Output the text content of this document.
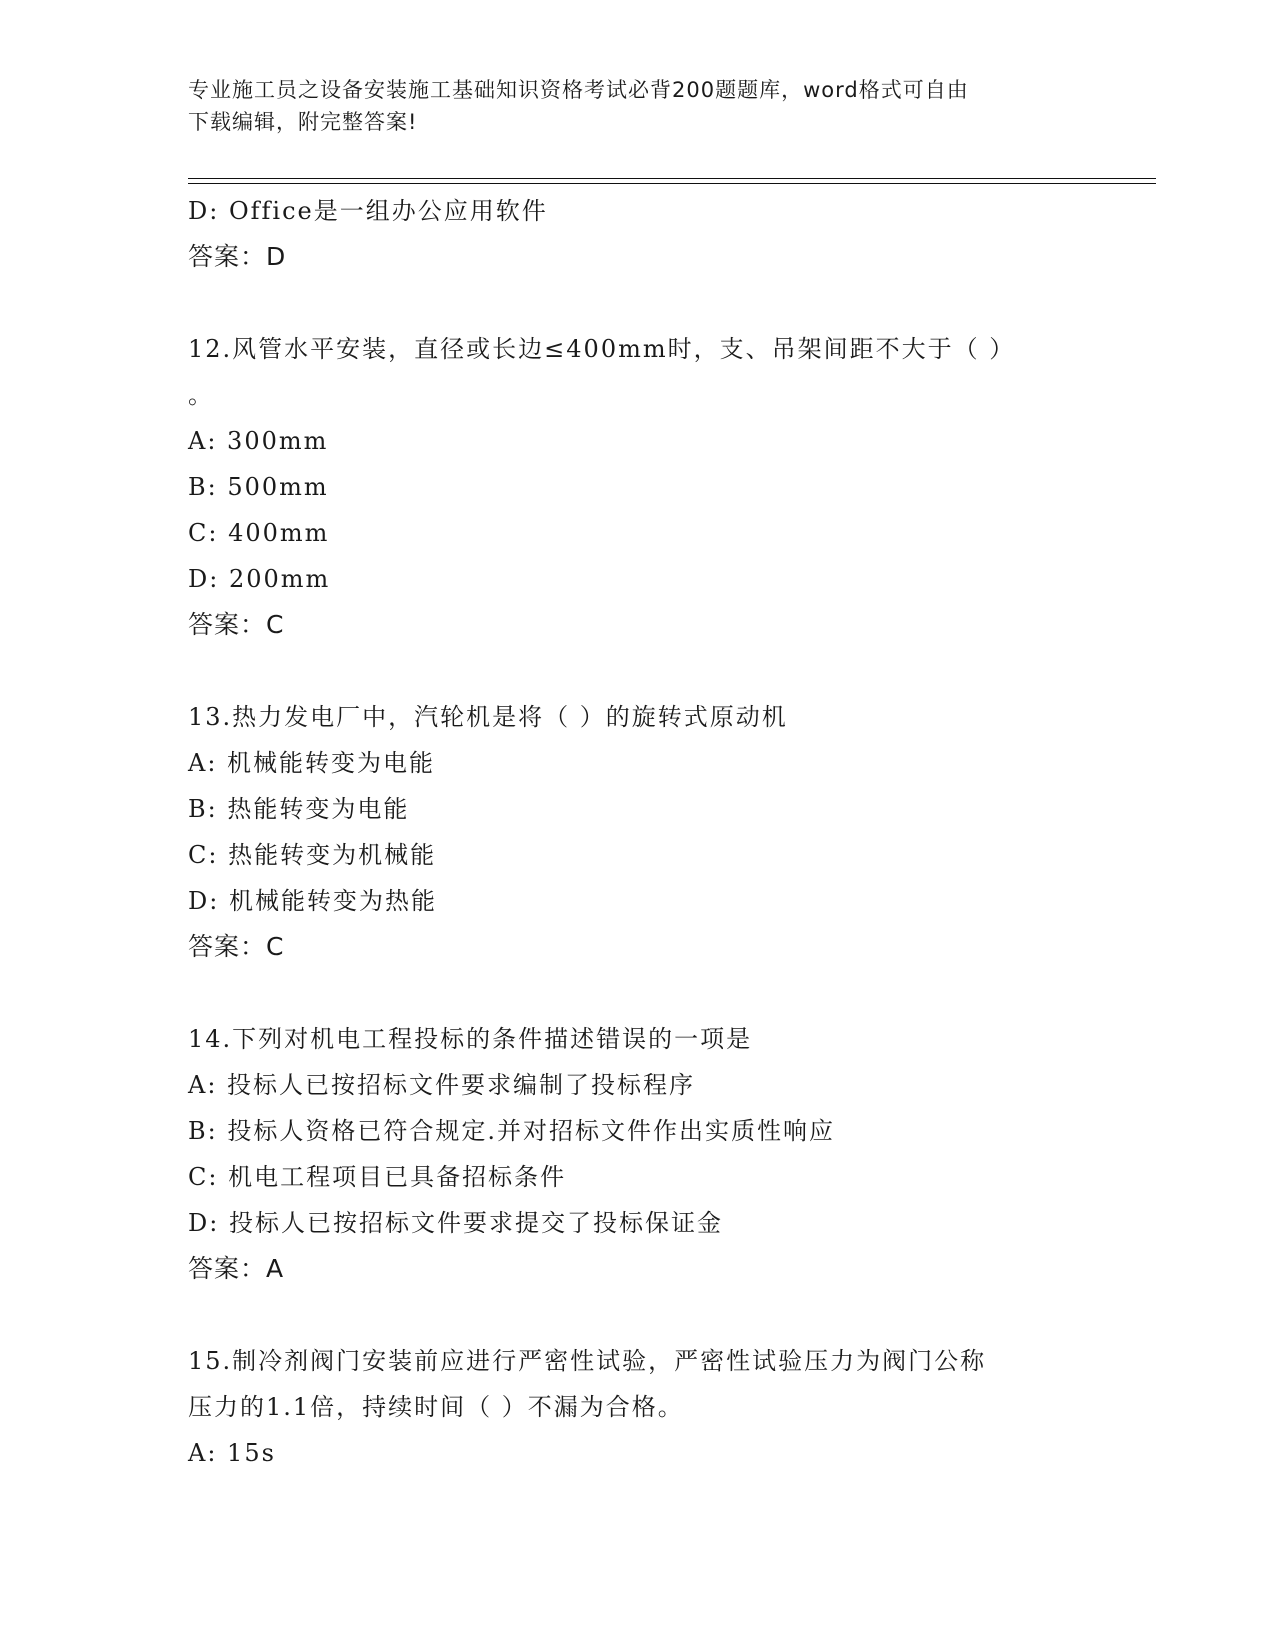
专业施工员之设备安装施工基础知识资格考试必背200题题库，word格式可自由
下载编辑，附完整答案!
D: Office是一组办公应用软件
答案：D
12.风管水平安装，直径或长边≤400mm时，支、吊架间距不大于（ ）
。
A: 300mm
B: 500mm
C: 400mm
D: 200mm
答案：C
13.热力发电厂中，汽轮机是将（ ）的旋转式原动机
A: 机械能转变为电能
B: 热能转变为电能
C: 热能转变为机械能
D: 机械能转变为热能
答案：C
14.下列对机电工程投标的条件描述错误的一项是
A: 投标人已按招标文件要求编制了投标程序
B: 投标人资格已符合规定.并对招标文件作出实质性响应
C: 机电工程项目已具备招标条件
D: 投标人已按招标文件要求提交了投标保证金
答案：A
15.制冷剂阀门安装前应进行严密性试验，严密性试验压力为阀门公称
压力的1.1倍，持续时间（ ）不漏为合格。
A: 15s
